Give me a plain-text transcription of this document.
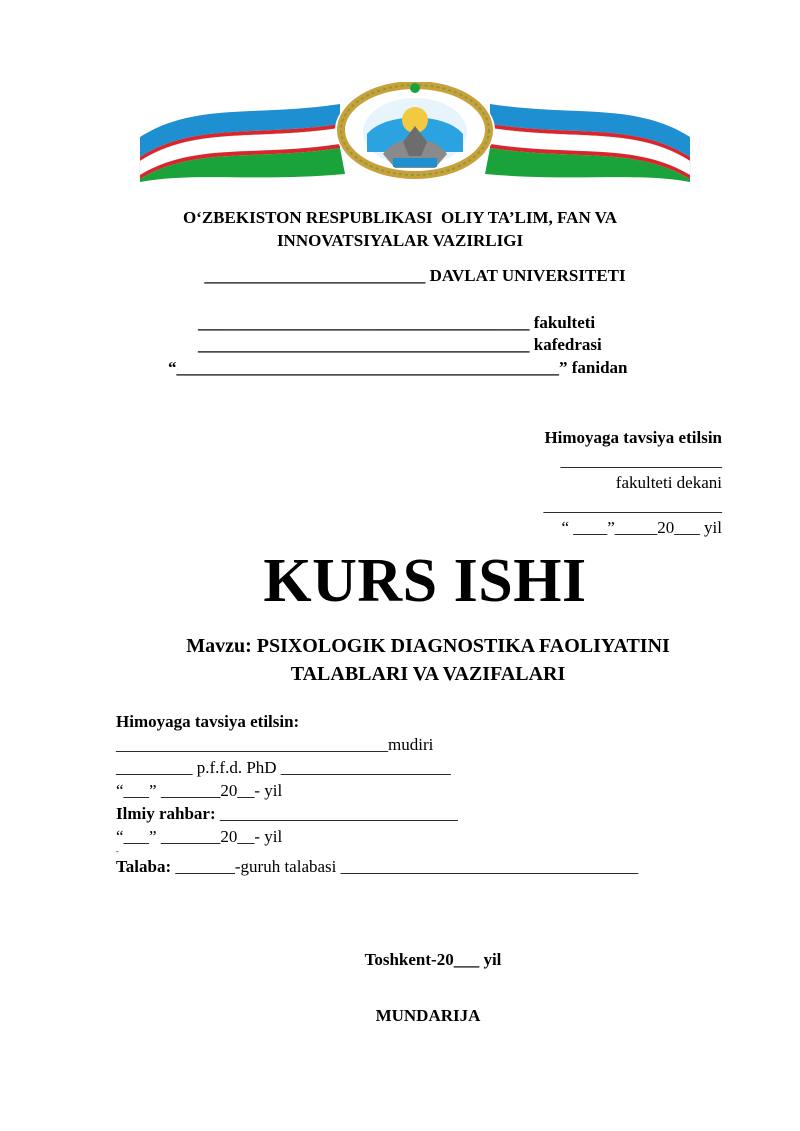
O‘ZBEKISTON RESPUBLIKASI  OLIY TA’LIM, FAN VA
INNOVATSIYALAR VAZIRLIGI
__________________________ DAVLAT UNIVERSITETI
_______________________________________ fakulteti
_______________________________________ kafedrasi
“_____________________________________________” fanidan
Himoyaga tavsiya etilsin
___________________
fakulteti dekani
_____________________
“ ____”_____20___ yil
KURS ISHI
Mavzu: PSIXOLOGIK DIAGNOSTIKA FAOLIYATINI
TALABLARI VA VAZIFALARI
Himoyaga tavsiya etilsin:
________________________________mudiri
_________ p.f.f.d. PhD ____________________
“___” _______20__- yil
Ilmiy rahbar: ____________________________
“___” _______20__- yil
-
Talaba: _______-guruh talabasi ___________________________________
Toshkent-20___ yil
MUNDARIJA
